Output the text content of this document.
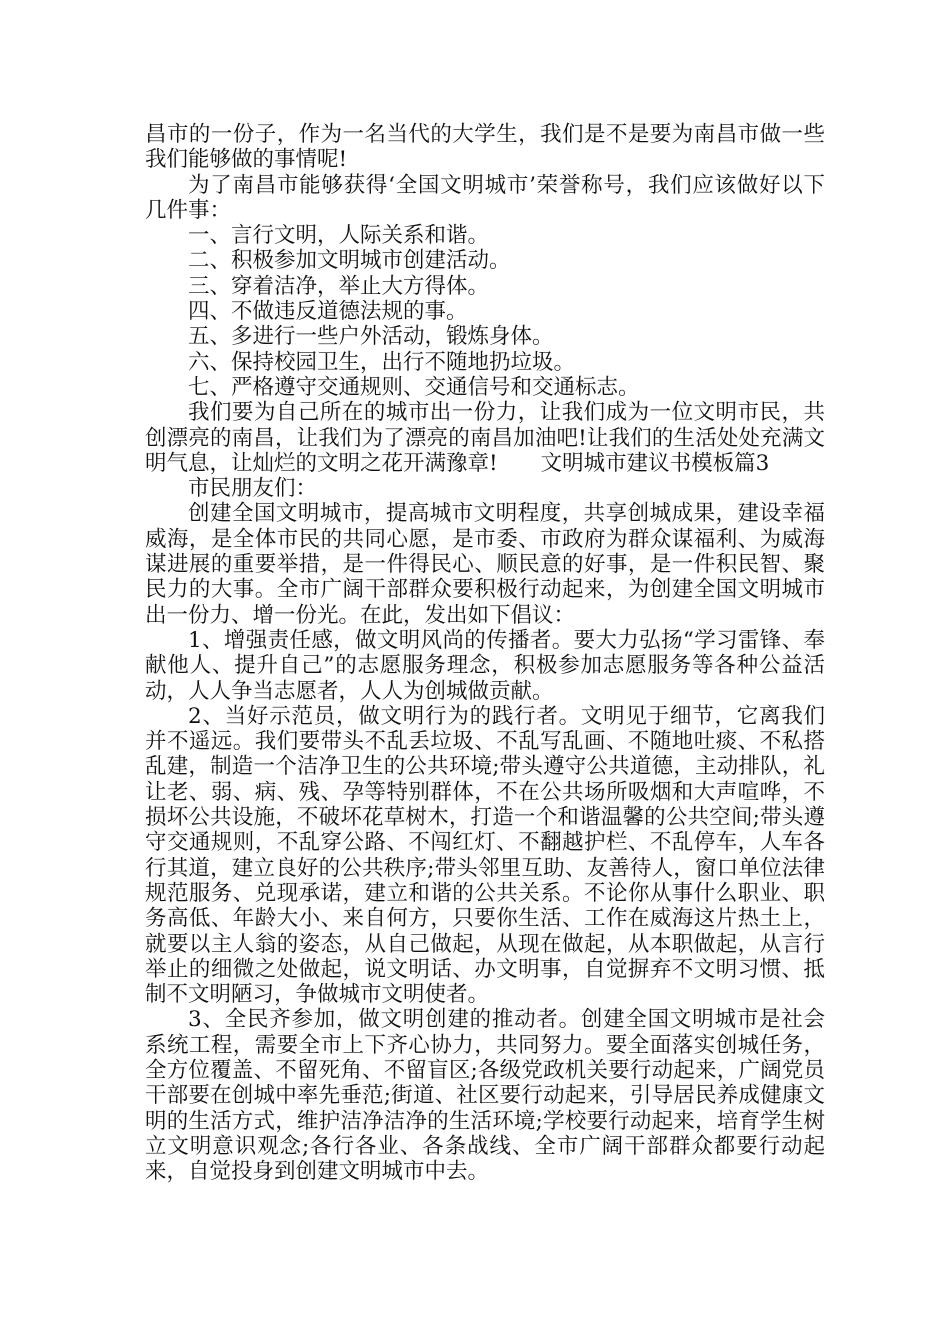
昌市的一份子，作为一名当代的大学生，我们是不是要为南昌市做一些我们能够做的事情呢!

为了南昌市能够获得‘全国文明城市’荣誉称号，我们应该做好以下几件事：

一、言行文明，人际关系和谐。

二、积极参加文明城市创建活动。

三、穿着洁净，举止大方得体。

四、不做违反道德法规的事。

五、多进行一些户外活动，锻炼身体。

六、保持校园卫生，出行不随地扔垃圾。

七、严格遵守交通规则、交通信号和交通标志。

我们要为自己所在的城市出一份力，让我们成为一位文明市民，共创漂亮的南昌，让我们为了漂亮的南昌加油吧!让我们的生活处处充满文明气息，让灿烂的文明之花开满豫章!　　文明城市建议书模板篇3

市民朋友们：

创建全国文明城市，提高城市文明程度，共享创城成果，建设幸福威海，是全体市民的共同心愿，是市委、市政府为群众谋福利、为威海谋进展的重要举措，是一件得民心、顺民意的好事，是一件积民智、聚民力的大事。全市广阔干部群众要积极行动起来，为创建全国文明城市出一份力、增一份光。在此，发出如下倡议：

1、增强责任感，做文明风尚的传播者。要大力弘扬“学习雷锋、奉献他人、提升自己”的志愿服务理念，积极参加志愿服务等各种公益活动，人人争当志愿者，人人为创城做贡献。

2、当好示范员，做文明行为的践行者。文明见于细节，它离我们并不遥远。我们要带头不乱丢垃圾、不乱写乱画、不随地吐痰、不私搭乱建，制造一个洁净卫生的公共环境;带头遵守公共道德，主动排队，礼让老、弱、病、残、孕等特别群体，不在公共场所吸烟和大声喧哗，不损坏公共设施，不破坏花草树木，打造一个和谐温馨的公共空间;带头遵守交通规则，不乱穿公路、不闯红灯、不翻越护栏、不乱停车，人车各行其道，建立良好的公共秩序;带头邻里互助、友善待人，窗口单位法律规范服务、兑现承诺，建立和谐的公共关系。不论你从事什么职业、职务高低、年龄大小、来自何方，只要你生活、工作在威海这片热土上，就要以主人翁的姿态，从自己做起，从现在做起，从本职做起，从言行举止的细微之处做起，说文明话、办文明事，自觉摒弃不文明习惯、抵制不文明陋习，争做城市文明使者。

3、全民齐参加，做文明创建的推动者。创建全国文明城市是社会系统工程，需要全市上下齐心协力，共同努力。要全面落实创城任务，全方位覆盖、不留死角、不留盲区;各级党政机关要行动起来，广阔党员干部要在创城中率先垂范;街道、社区要行动起来，引导居民养成健康文明的生活方式，维护洁净洁净的生活环境;学校要行动起来，培育学生树立文明意识观念;各行各业、各条战线、全市广阔干部群众都要行动起来，自觉投身到创建文明城市中去。
